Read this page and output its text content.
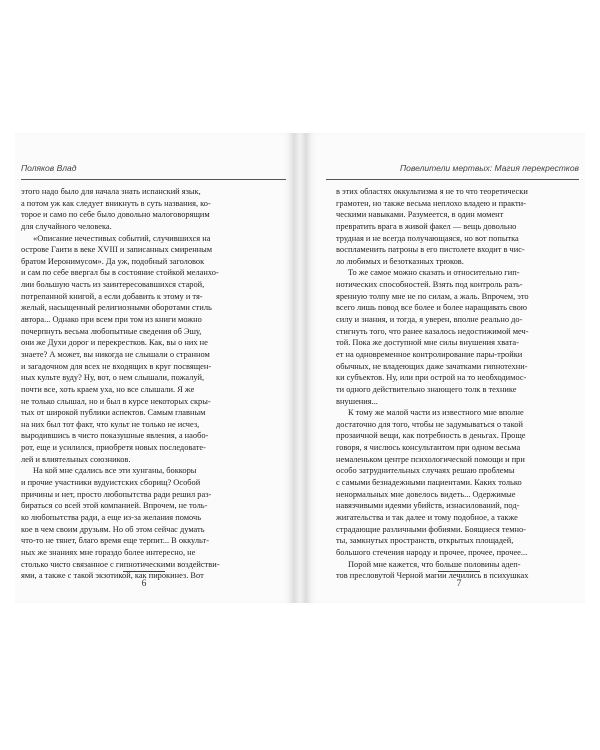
Поляков Влад
этого надо было для начала знать испанский язык,
а потом уж как следует вникнуть в суть названия, ко-
торое и само по себе было довольно малоговорящим
для случайного человека.
«Описание нечестивых событий, случившихся на
острове Гаити в веке XVIII и записанных смиренным
братом Иеронимусом». Да уж, подобный заголовок
и сам по себе ввергал бы в состояние стойкой меланхо-
лии большую часть из заинтересовавшихся старой,
потрепанной книгой, а если добавить к этому и тя-
желый, насыщенный религиозными оборотами стиль
автора... Однако при всем при том из книги можно
почерпнуть весьма любопытные сведения об Эшу,
они же Духи дорог и перекрестков. Как, вы о них не
знаете? А может, вы никогда не слышали о странном
и загадочном для всех не входящих в круг посвящен-
ных культе вуду? Ну, вот, о нем слышали, пожалуй,
почти все, хоть краем уха, но все слышали. Я же
не только слышал, но и был в курсе некоторых скры-
тых от широкой публики аспектов. Самым главным
на них был тот факт, что культ не только не исчез,
выродившись в чисто показушные явления, а наобо-
рот, еще и усилился, приобретя новых последовате-
лей и влиятельных союзников.
На кой мне сдались все эти хунганы, боккоры
и прочие участники вудуистских сборищ? Особой
причины и нет, просто любопытства ради решил раз-
бираться со всей этой компанией. Впрочем, не толь-
ко любопытства ради, а еще из-за желания помочь
кое в чем своим друзьям. Но об этом сейчас думать
что-то не тянет, благо время еще терпит... В оккульт-
ных же знаниях мне гораздо более интересно, не
столько чисто связанное с гипнотическими воздействи-
ями, а также с такой экзотикой, как пирокинез. Вот
6
Повелители мертвых: Магия перекрестков
в этих областях оккультизма я не то что теоретически
грамотен, но также весьма неплохо владею и практи-
ческими навыками. Разумеется, в один момент
превратить врага в живой факел — вещь довольно
трудная и не всегда получающаяся, но вот попытка
воспламенить патроны в его пистолете входит в чис-
ло любимых и безотказных трюков.
То же самое можно сказать и относительно гип-
нотических способностей. Взять под контроль разъ-
яренную толпу мне не по силам, а жаль. Впрочем, это
всего лишь повод все более и более наращивать свою
силу и знания, и тогда, я уверен, вполне реально до-
стигнуть того, что ранее казалось недостижимой меч-
той. Пока же доступной мне силы внушения хвата-
ет на одновременное контролирование пары-тройки
обычных, не владеющих даже зачатками гипнотехни-
ки субъектов. Ну, или при острой на то необходимос-
ти одного действительно знающего толк в технике
внушения...
К тому же малой части из известного мне вполне
достаточно для того, чтобы не задумываться о такой
прозаичной вещи, как потребность в деньгах. Проще
говоря, я числюсь консультантом при одном весьма
немаленьком центре психологической помощи и при
особо затруднительных случаях решаю проблемы
с самыми безнадежными пациентами. Каких только
ненормальных мне довелось видеть... Одержимые
навязчивыми идеями убийств, изнасилований, под-
жигательства и так далее и тому подобное, а также
страдающие различными фобиями. Боящиеся темно-
ты, замкнутых пространств, открытых площадей,
большого стечения народу и прочее, прочее, прочее...
Порой мне кажется, что больше половины адеп-
тов пресловутой Черной магии лечились в психушках
7
